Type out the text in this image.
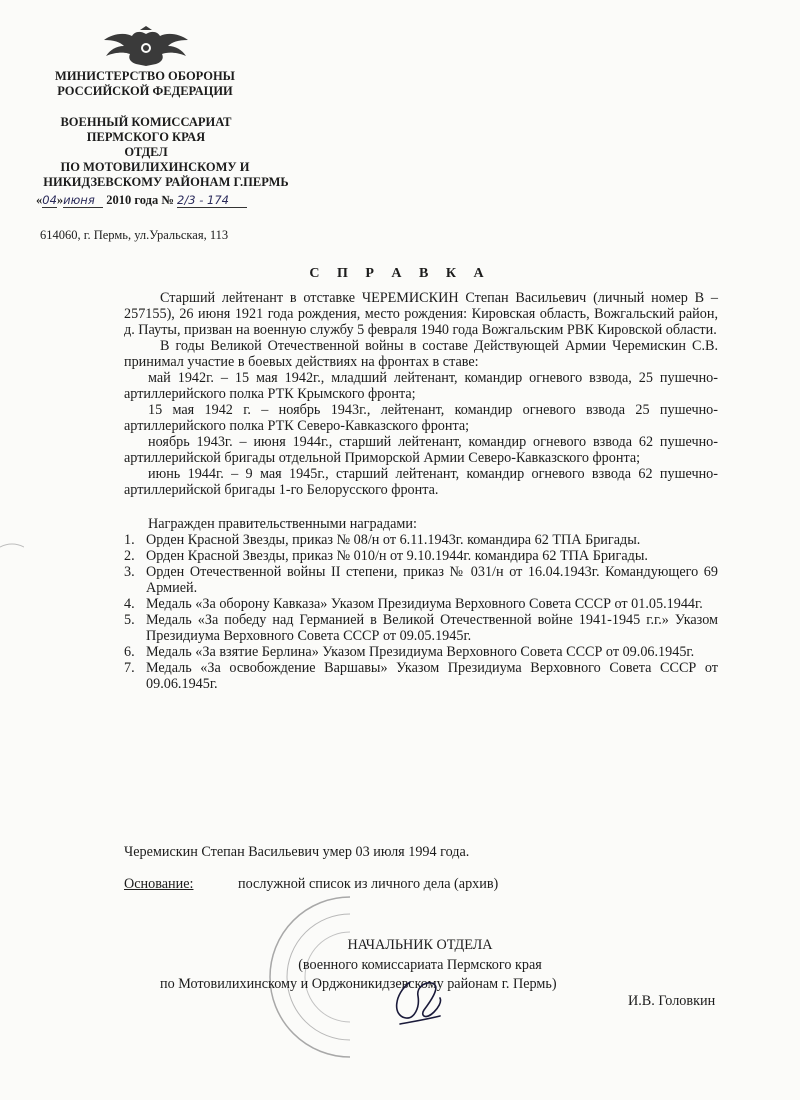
МИНИСТЕРСТВО ОБОРОНЫ
РОССИЙСКОЙ ФЕДЕРАЦИИ
ВОЕННЫЙ КОМИССАРИАТ
ПЕРМСКОГО КРАЯ
ОТДЕЛ
ПО МОТОВИЛИХИНСКОМУ И
НИКИДЗЕВСКОМУ РАЙОНАМ Г.ПЕРМЬ
«04»июня 2010 года № 2/3 - 174
614060, г. Пермь, ул.Уральская, 113
С П Р А В К А

Старший лейтенант в отставке ЧЕРЕМИСКИН Степан Васильевич (личный номер В – 257155), 26 июня 1921 года рождения, место рождения: Кировская область, Вожгальский район, д. Пауты, призван на военную службу 5 февраля 1940 года Вожгальским РВК Кировской области.

В годы Великой Отечественной войны в составе Действующей Армии Черемискин С.В. принимал участие в боевых действиях на фронтах в ставе:

май 1942г. – 15 мая 1942г., младший лейтенант, командир огневого взвода, 25 пушечно-артиллерийского полка РТК Крымского фронта;

15 мая 1942 г. – ноябрь 1943г., лейтенант, командир огневого взвода 25 пушечно-артиллерийского полка РТК Северо-Кавказского фронта;

ноябрь 1943г. – июня 1944г., старший лейтенант, командир огневого взвода 62 пушечно-артиллерийской бригады отдельной Приморской Армии Северо-Кавказского фронта;

июнь 1944г. – 9 мая 1945г., старший лейтенант, командир огневого взвода 62 пушечно-артиллерийской бригады 1-го Белорусского фронта.

Награжден правительственными наградами:

1. Орден Красной Звезды, приказ № 08/н от 6.11.1943г. командира 62 ТПА Бригады.
2. Орден Красной Звезды, приказ № 010/н от 9.10.1944г. командира 62 ТПА Бригады.
3. Орден Отечественной войны II степени, приказ № 031/н от 16.04.1943г. Командующего 69 Армией.
4. Медаль «За оборону Кавказа» Указом Президиума Верховного Совета СССР от 01.05.1944г.
5. Медаль «За победу над Германией в Великой Отечественной войне 1941-1945 г.г.» Указом Президиума Верховного Совета СССР от 09.05.1945г.
6. Медаль «За взятие Берлина» Указом Президиума Верховного Совета СССР от 09.06.1945г.
7. Медаль «За освобождение Варшавы» Указом Президиума Верховного Совета СССР от 09.06.1945г.
Черемискин Степан Васильевич умер 03 июля 1994 года.
Основание:	послужной список из личного дела (архив)
НАЧАЛЬНИК ОТДЕЛА
(военного комиссариата Пермского края
по Мотовилихинскому и Орджоникидзевскому районам г. Пермь)
И.В. Головкин
